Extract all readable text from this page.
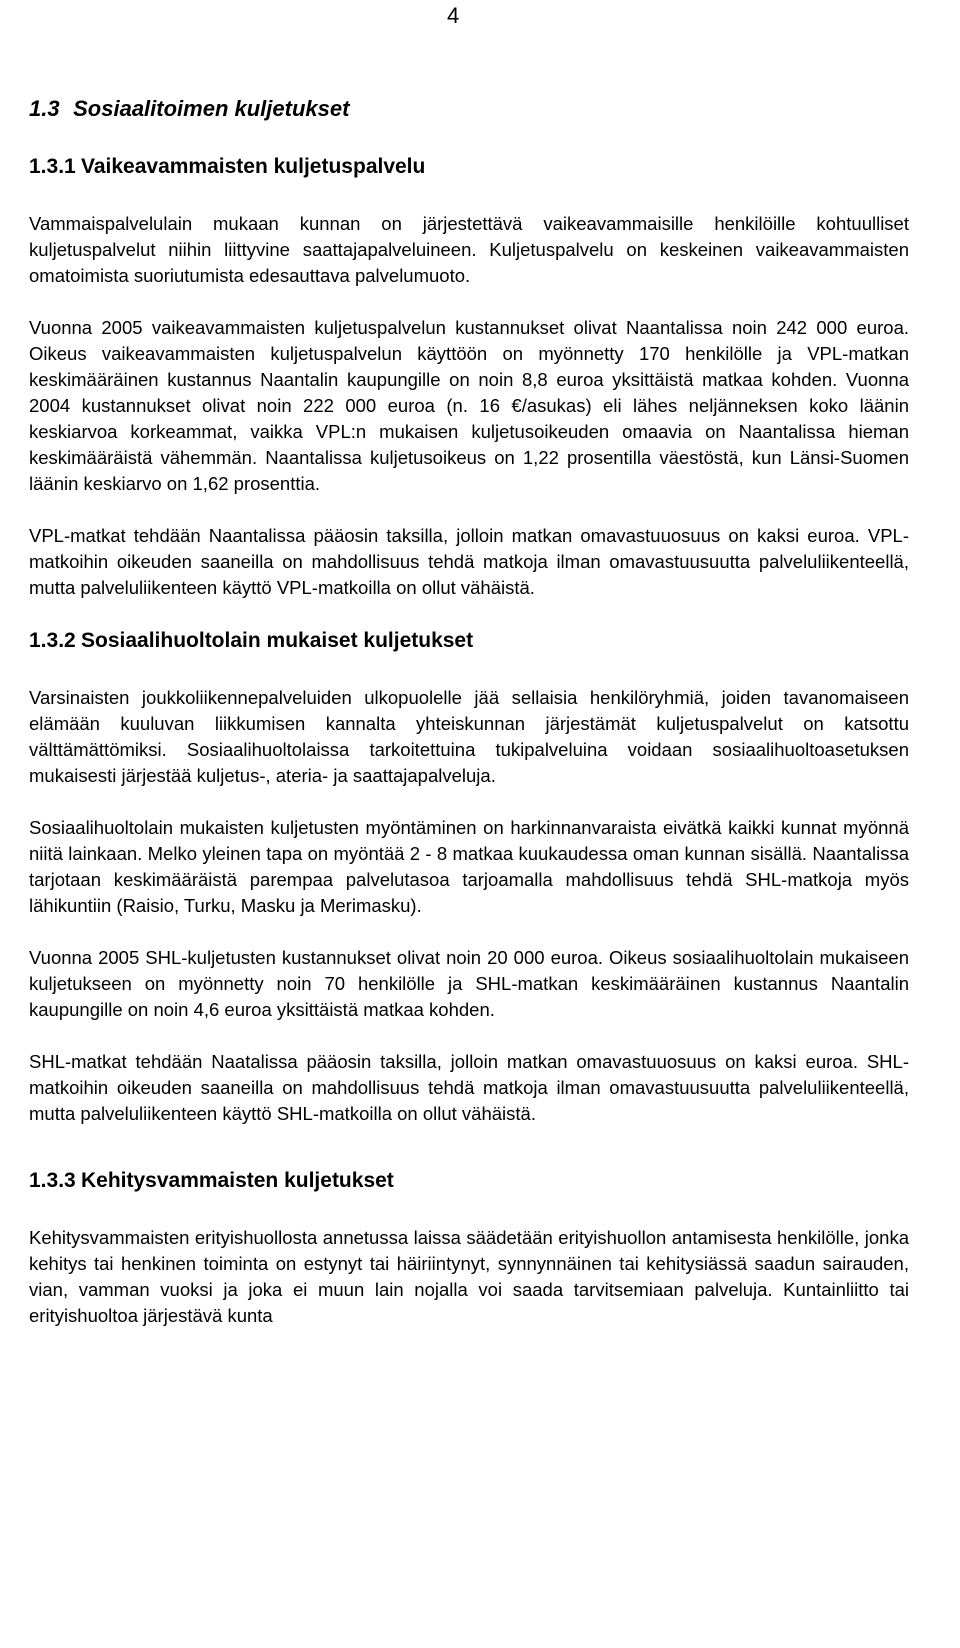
4
1.3 Sosiaalitoimen kuljetukset
1.3.1 Vaikeavammaisten kuljetuspalvelu

Vammaispalvelulain mukaan kunnan on järjestettävä vaikeavammaisille henkilöille kohtuulliset kuljetuspalvelut niihin liittyvine saattajapalveluineen. Kuljetuspalvelu on keskeinen vaikeavammaisten omatoimista suoriutumista edesauttava palvelumuoto.

Vuonna 2005 vaikeavammaisten kuljetuspalvelun kustannukset olivat Naantalissa noin 242 000 euroa. Oikeus vaikeavammaisten kuljetuspalvelun käyttöön on myönnetty 170 henkilölle ja VPL-matkan keskimääräinen kustannus Naantalin kaupungille on noin 8,8 euroa yksittäistä matkaa kohden. Vuonna 2004 kustannukset olivat noin 222 000 euroa (n. 16 €/asukas) eli lähes neljänneksen koko läänin keskiarvoa korkeammat, vaikka VPL:n mukaisen kuljetusoikeuden omaavia on Naantalissa hieman keskimääräistä vähemmän. Naantalissa kuljetusoikeus on 1,22 prosentilla väestöstä, kun Länsi-Suomen läänin keskiarvo on 1,62 prosenttia.

VPL-matkat tehdään Naantalissa pääosin taksilla, jolloin matkan omavastuuosuus on kaksi euroa. VPL-matkoihin oikeuden saaneilla on mahdollisuus tehdä matkoja ilman omavastuusuutta palveluliikenteellä, mutta palveluliikenteen käyttö VPL-matkoilla on ollut vähäistä.

1.3.2 Sosiaalihuoltolain mukaiset kuljetukset

Varsinaisten joukkoliikennepalveluiden ulkopuolelle jää sellaisia henkilöryhmiä, joiden tavanomaiseen elämään kuuluvan liikkumisen kannalta yhteiskunnan järjestämät kuljetuspalvelut on katsottu välttämättömiksi. Sosiaalihuoltolaissa tarkoitettuina tukipalveluina voidaan sosiaalihuoltoasetuksen mukaisesti järjestää kuljetus-, ateria- ja saattajapalveluja.

Sosiaalihuoltolain mukaisten kuljetusten myöntäminen on harkinnanvaraista eivätkä kaikki kunnat myönnä niitä lainkaan. Melko yleinen tapa on myöntää 2 - 8 matkaa kuukaudessa oman kunnan sisällä. Naantalissa tarjotaan keskimääräistä parempaa palvelutasoa tarjoamalla mahdollisuus tehdä SHL-matkoja myös lähikuntiin (Raisio, Turku, Masku ja Merimasku).

Vuonna 2005 SHL-kuljetusten kustannukset olivat noin 20 000 euroa. Oikeus sosiaalihuoltolain mukaiseen kuljetukseen on myönnetty noin 70 henkilölle ja SHL-matkan keskimääräinen kustannus Naantalin kaupungille on noin 4,6 euroa yksittäistä matkaa kohden.

SHL-matkat tehdään Naatalissa pääosin taksilla, jolloin matkan omavastuuosuus on kaksi euroa. SHL-matkoihin oikeuden saaneilla on mahdollisuus tehdä matkoja ilman omavastuusuutta palveluliikenteellä, mutta palveluliikenteen käyttö SHL-matkoilla on ollut vähäistä.

1.3.3 Kehitysvammaisten kuljetukset

Kehitysvammaisten erityishuollosta annetussa laissa säädetään erityishuollon antamisesta henkilölle, jonka kehitys tai henkinen toiminta on estynyt tai häiriintynyt, synnynnäinen tai kehitysiässä saadun sairauden, vian, vamman vuoksi ja joka ei muun lain nojalla voi saada tarvitsemiaan palveluja. Kuntainliitto tai erityishuoltoa järjestävä kunta
